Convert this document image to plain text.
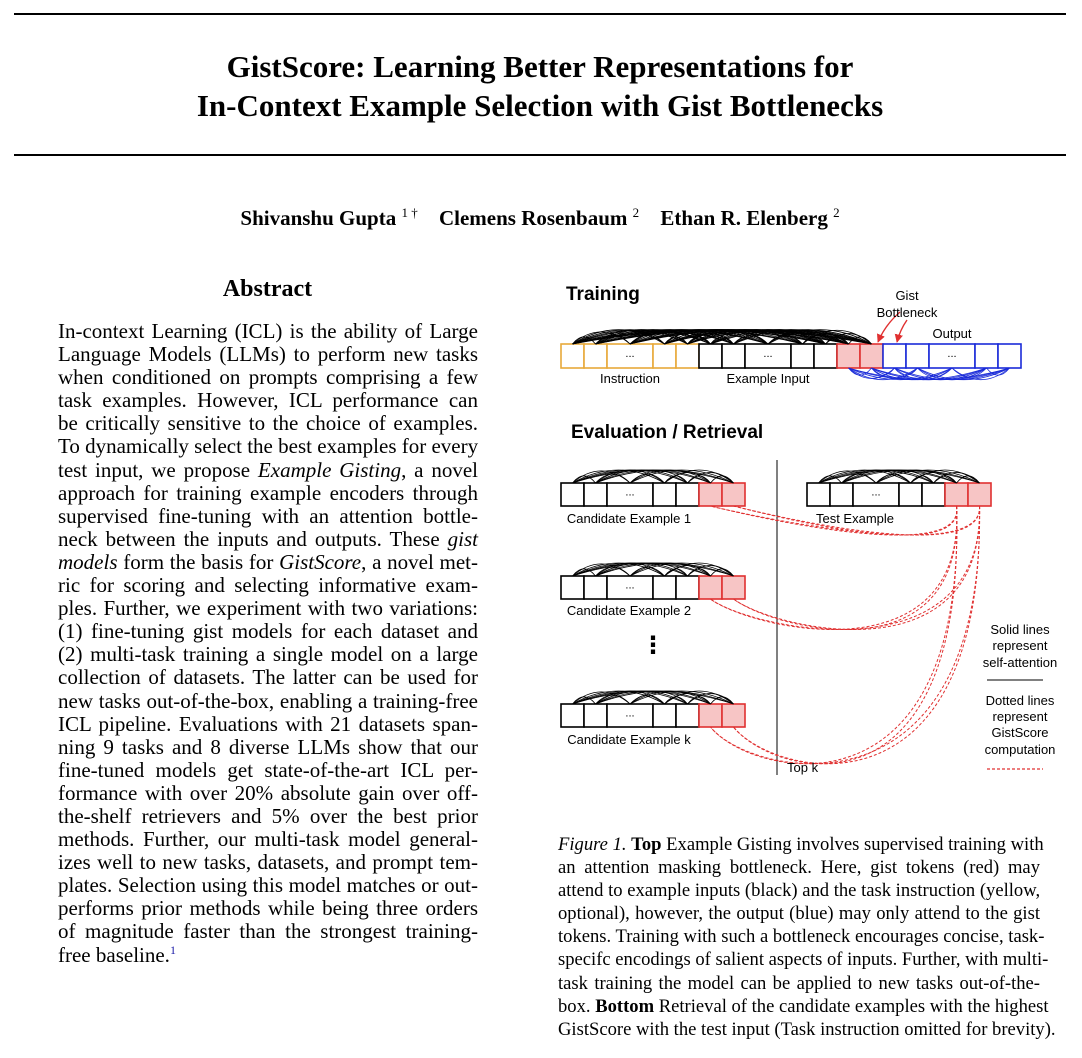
GistScore: Learning Better Representations for
In-Context Example Selection with Gist Bottlenecks
Shivanshu Gupta $^{1 \dagger}$ Clemens Rosenbaum $^2$ Ethan R. Elenberg $^2$
Abstract
In-context Learning (ICL) is the ability of Large
Language Models (LLMs) to perform new tasks
when conditioned on prompts comprising a few
task examples. However, ICL performance can
be critically sensitive to the choice of examples.
To dynamically select the best examples for every
test input, we propose Example Gisting, a novel
approach for training example encoders through
supervised fine-tuning with an attention bottle-
neck between the inputs and outputs. These gist
models form the basis for GistScore, a novel met-
ric for scoring and selecting informative exam-
ples. Further, we experiment with two variations:
(1) fine-tuning gist models for each dataset and
(2) multi-task training a single model on a large
collection of datasets. The latter can be used for
new tasks out-of-the-box, enabling a training-free
ICL pipeline. Evaluations with 21 datasets span-
ning 9 tasks and 8 diverse LLMs show that our
fine-tuned models get state-of-the-art ICL per-
formance with over 20% absolute gain over off-
the-shelf retrievers and 5% over the best prior
methods. Further, our multi-task model general-
izes well to new tasks, datasets, and prompt tem-
plates. Selection using this model matches or out-
performs prior methods while being three orders
of magnitude faster than the strongest training-
free baseline.$^1$
...	...	...
...
...
...
...
Training	Gist
Bottleneck
Output
Instruction	Example Input
Evaluation / Retrieval
Candidate Example 1	Test Example
Candidate Example 2
⋮
Candidate Example k
Top k
Solid lines
represent
self-attention
Dotted lines
represent
GistScore
computation
Figure 1. Top Example Gisting involves supervised training with
an attention masking bottleneck. Here, gist tokens (red) may
attend to example inputs (black) and the task instruction (yellow,
optional), however, the output (blue) may only attend to the gist
tokens. Training with such a bottleneck encourages concise, task-
specifc encodings of salient aspects of inputs. Further, with multi-
task training the model can be applied to new tasks out-of-the-
box. Bottom Retrieval of the candidate examples with the highest
GistScore with the test input (Task instruction omitted for brevity).
